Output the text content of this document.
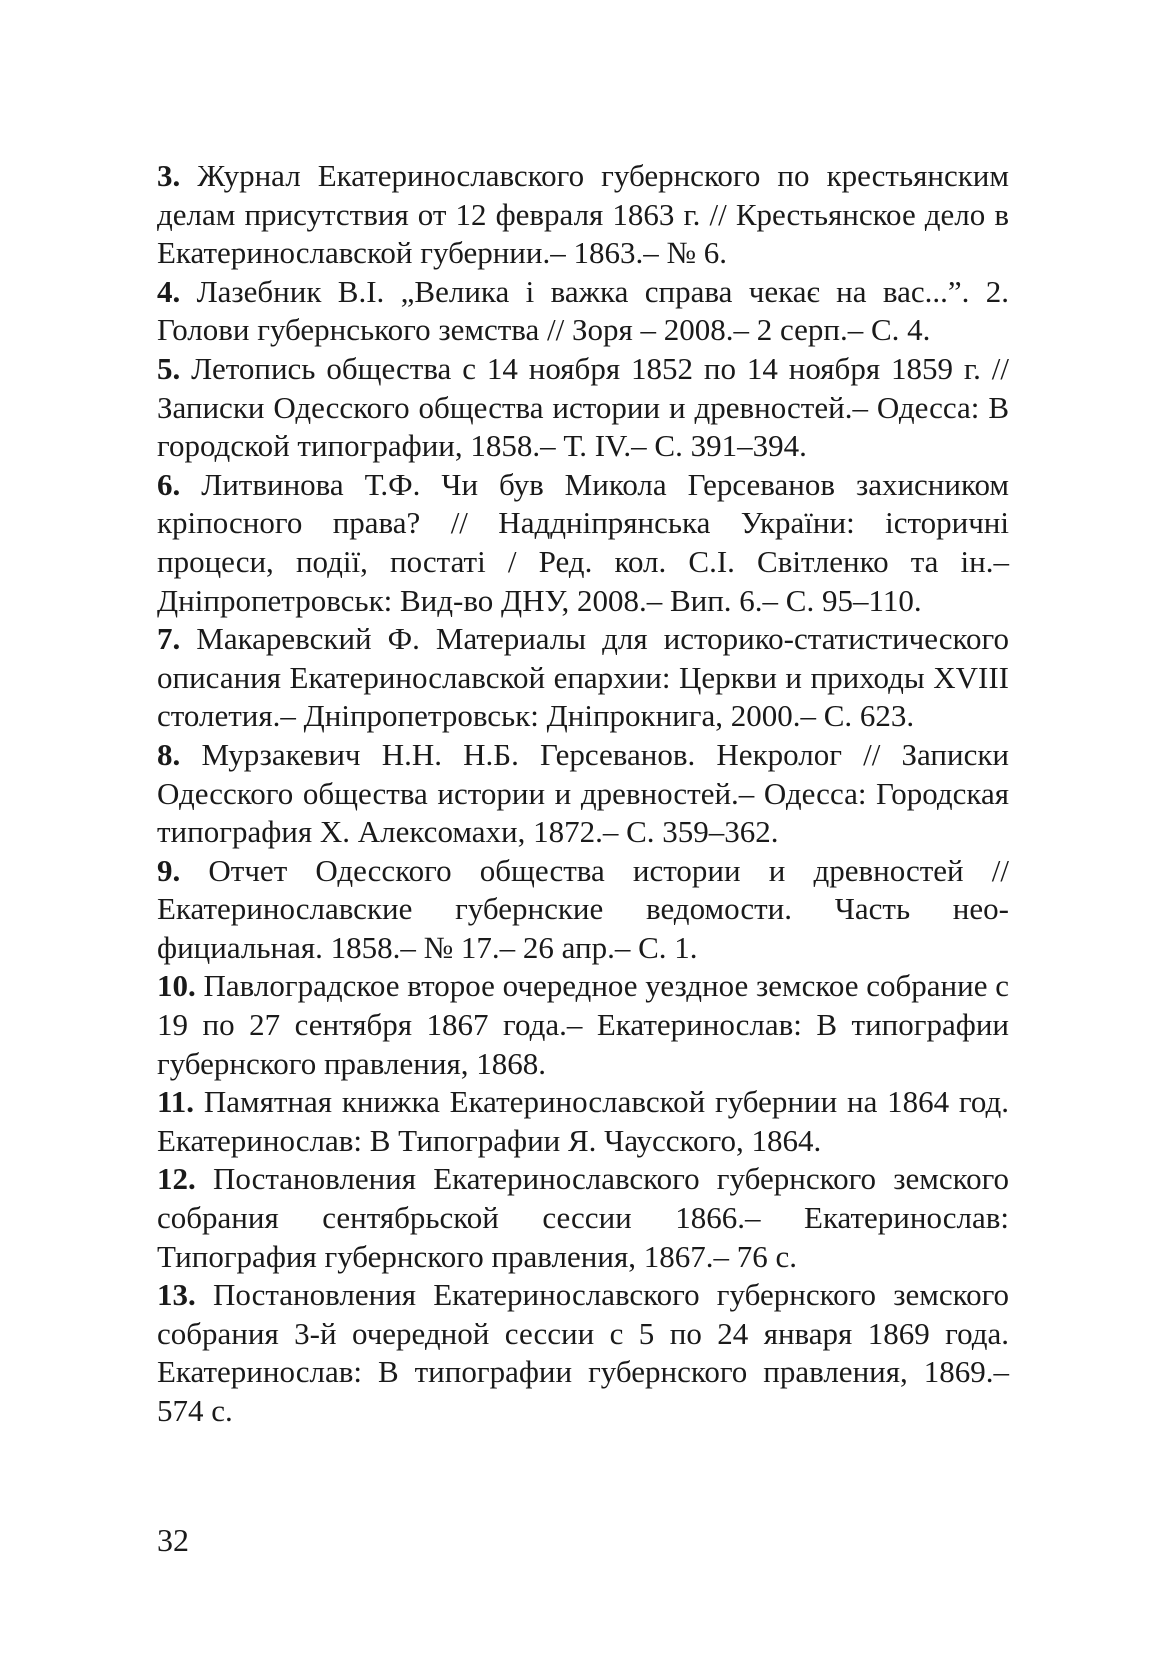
3. Журнал Екатеринославского губернского по крестьянским делам присутствия от 12 февраля 1863 г. // Крестьянское дело в Екатеринославской губернии.– 1863.– № 6.
4. Лазебник В.І. „Велика і важка справа чекає на вас...”. 2. Голови губернського земства // Зоря – 2008.– 2 серп.– С. 4.
5. Летопись общества с 14 ноября 1852 по 14 ноября 1859 г. // Записки Одесского общества истории и древностей.– Одесса: В городской типографии, 1858.– Т. IV.– С. 391–394.
6. Литвинова Т.Ф. Чи був Микола Герсеванов захисником кріпосного права? // Наддніпрянська України: історичні процеси, події, постаті / Ред. кол. С.І. Світленко та ін.– Дніпропетровськ: Вид-во ДНУ, 2008.– Вип. 6.– С. 95–110.
7. Макаревский Ф. Материалы для историко-статистического описания Екатеринославской епархии: Церкви и приходы XVIII столетия.– Дніпропетровськ: Дніпрокнига, 2000.– С. 623.
8. Мурзакевич Н.Н. Н.Б. Герсеванов. Некролог // Записки Одесского общества истории и древностей.– Одесса: Городская типография Х. Алексомахи, 1872.– С. 359–362.
9. Отчет Одесского общества истории и древностей // Екатеринославские губернские ведомости. Часть неофициальная. 1858.– № 17.– 26 апр.– С. 1.
10. Павлоградское второе очередное уездное земское собрание с 19 по 27 сентября 1867 года.– Екатеринослав: В типографии губернского правления, 1868.
11. Памятная книжка Екатеринославской губернии на 1864 год. Екатеринослав: В Типографии Я. Чаусского, 1864.
12. Постановления Екатеринославского губернского земского собрания сентябрьской сессии 1866.– Екатеринослав: Типография губернского правления, 1867.– 76 с.
13. Постановления Екатеринославского губернского земского собрания 3-й очередной сессии с 5 по 24 января 1869 года. Екатеринослав: В типографии губернского правления, 1869.– 574 с.
32
